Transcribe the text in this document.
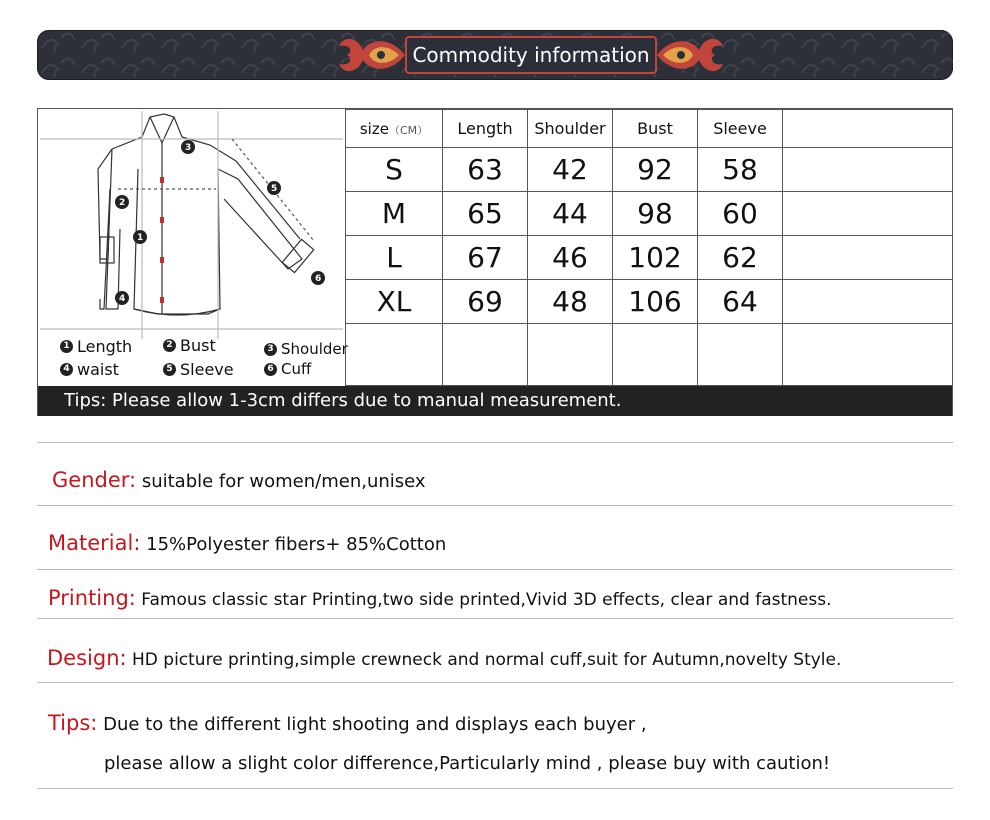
Commodity information
1
2
3
4
5
6
1 Length	2 Bust	3 Shoulder
4 waist	5 Sleeve	6 Cuff
size（CM）	Length	Shoulder	Bust	Sleeve	
S	63	42	92	58	
M	65	44	98	60	
L	67	46	102	62	
XL	69	48	106	64	

Tips: Please allow 1-3cm differs due to manual measurement.
Gender: suitable for women/men,unisex
Material: 15%Polyester fibers+ 85%Cotton
Printing: Famous classic star Printing,two side printed,Vivid 3D effects, clear and fastness.
Design: HD picture printing,simple crewneck and normal cuff,suit for Autumn,novelty Style.
Tips: Due to the different light shooting and displays each buyer ,
please allow a slight color difference,Particularly mind , please buy with caution!
